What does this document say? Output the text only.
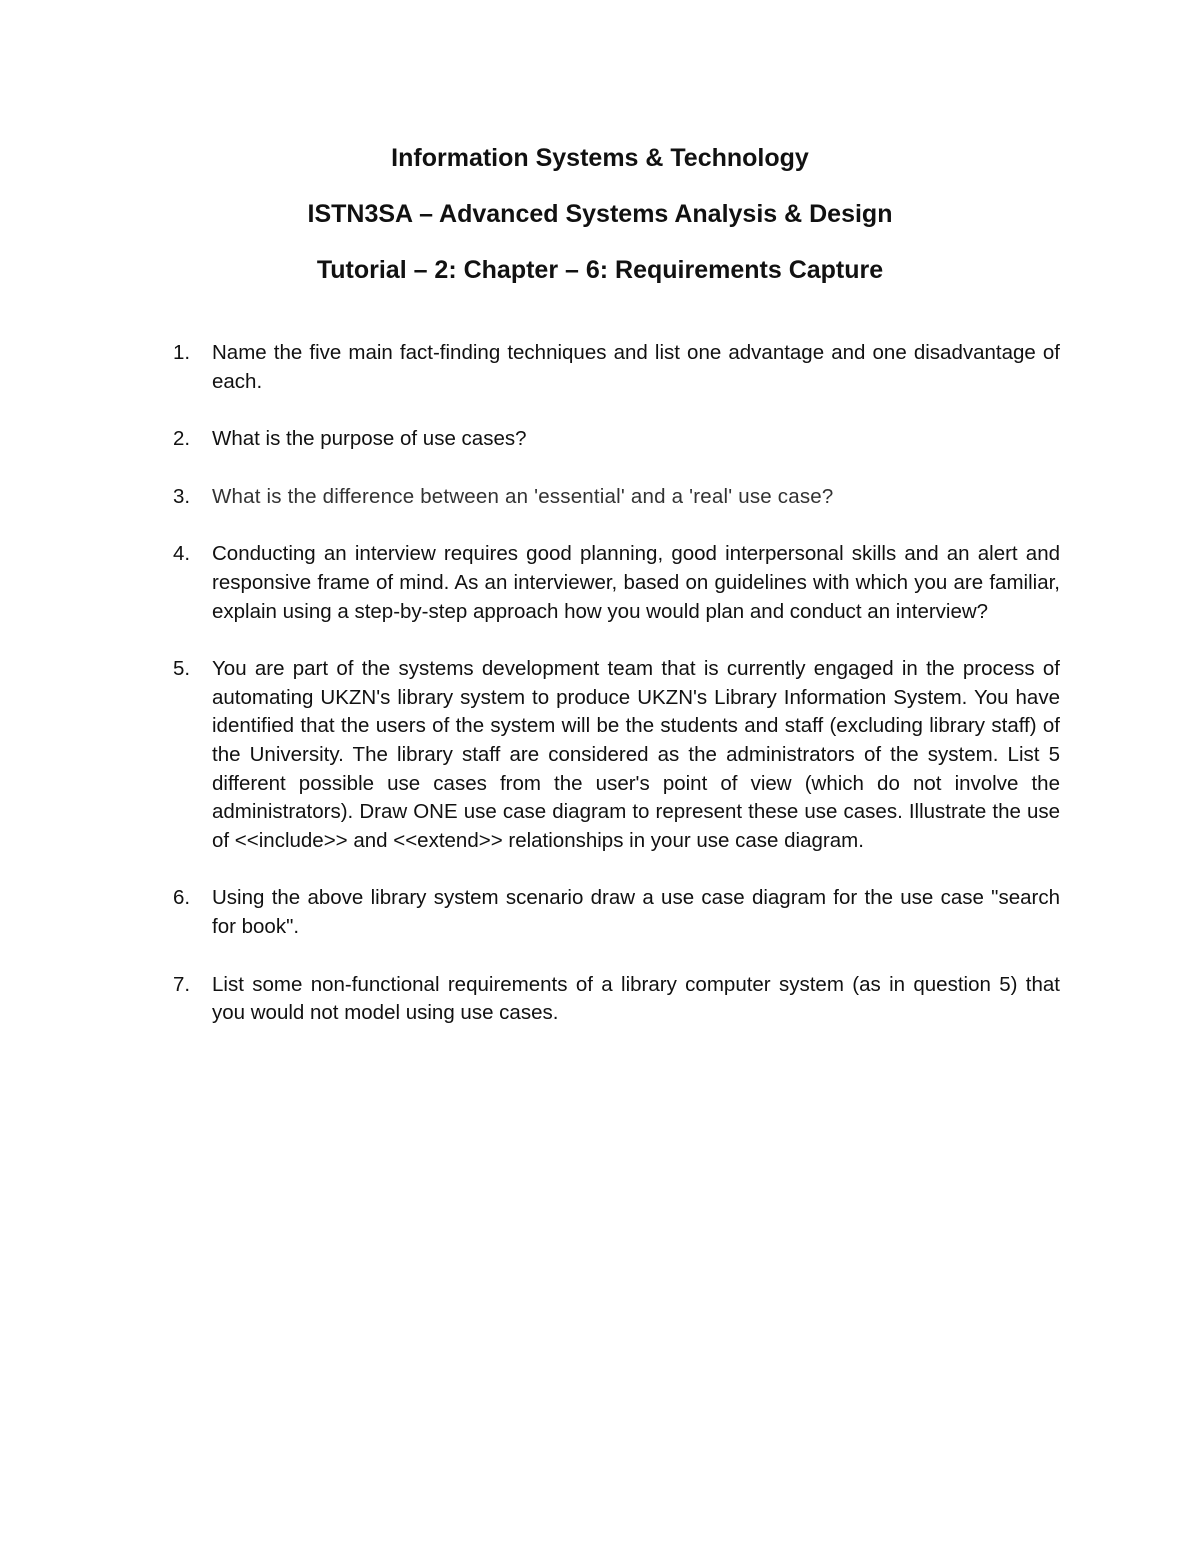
Information Systems & Technology
ISTN3SA – Advanced Systems Analysis & Design
Tutorial – 2: Chapter – 6: Requirements Capture
1. Name the five main fact-finding techniques and list one advantage and one disadvantage of each.
2. What is the purpose of use cases?
3. What is the difference between an 'essential' and a 'real' use case?
4. Conducting an interview requires good planning, good interpersonal skills and an alert and responsive frame of mind. As an interviewer, based on guidelines with which you are familiar, explain using a step-by-step approach how you would plan and conduct an interview?
5. You are part of the systems development team that is currently engaged in the process of automating UKZN's library system to produce UKZN's Library Information System. You have identified that the users of the system will be the students and staff (excluding library staff) of the University. The library staff are considered as the administrators of the system. List 5 different possible use cases from the user's point of view (which do not involve the administrators). Draw ONE use case diagram to represent these use cases. Illustrate the use of <<include>> and <<extend>> relationships in your use case diagram.
6. Using the above library system scenario draw a use case diagram for the use case "search for book".
7. List some non-functional requirements of a library computer system (as in question 5) that you would not model using use cases.
